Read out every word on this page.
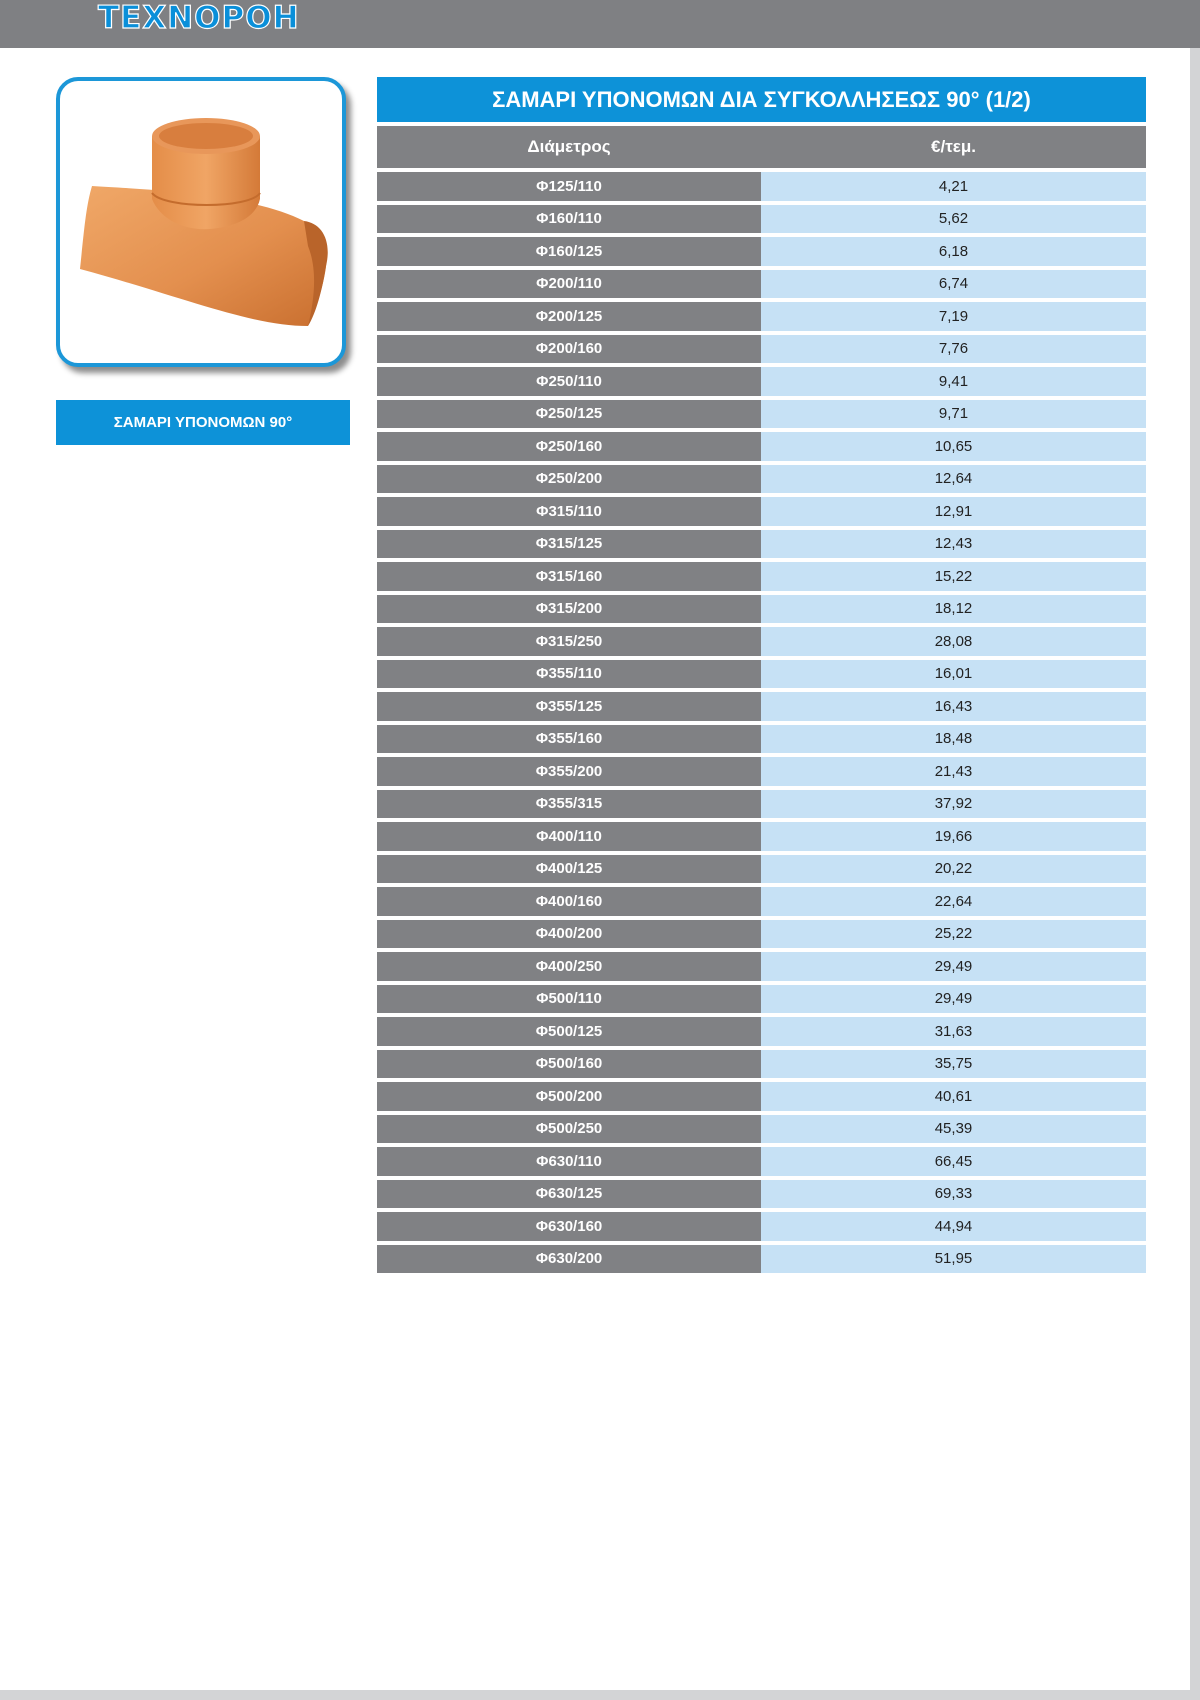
ΤΕΧΝΟΡΟΗ
ΣΑΜΑΡΙ ΥΠΟΝΟΜΩΝ 90°
ΣΑΜΑΡΙ ΥΠΟΝΟΜΩΝ ΔΙΑ ΣΥΓΚΟΛΛΗΣΕΩΣ 90° (1/2)
Διάμετρος	€/τεμ.
Φ125/110	4,21
Φ160/110	5,62
Φ160/125	6,18
Φ200/110	6,74
Φ200/125	7,19
Φ200/160	7,76
Φ250/110	9,41
Φ250/125	9,71
Φ250/160	10,65
Φ250/200	12,64
Φ315/110	12,91
Φ315/125	12,43
Φ315/160	15,22
Φ315/200	18,12
Φ315/250	28,08
Φ355/110	16,01
Φ355/125	16,43
Φ355/160	18,48
Φ355/200	21,43
Φ355/315	37,92
Φ400/110	19,66
Φ400/125	20,22
Φ400/160	22,64
Φ400/200	25,22
Φ400/250	29,49
Φ500/110	29,49
Φ500/125	31,63
Φ500/160	35,75
Φ500/200	40,61
Φ500/250	45,39
Φ630/110	66,45
Φ630/125	69,33
Φ630/160	44,94
Φ630/200	51,95
